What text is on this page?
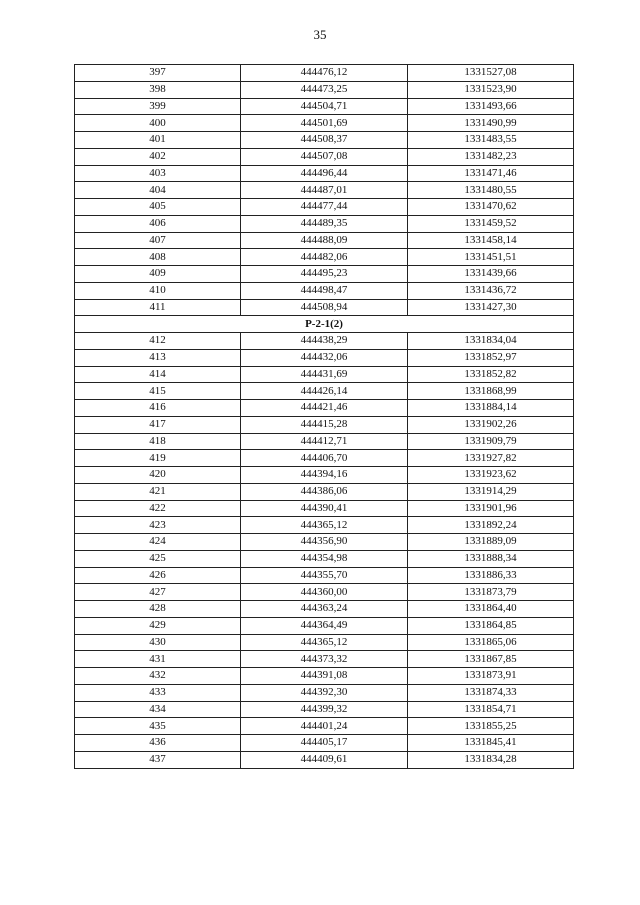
35
397	444476,12	1331527,08
398	444473,25	1331523,90
399	444504,71	1331493,66
400	444501,69	1331490,99
401	444508,37	1331483,55
402	444507,08	1331482,23
403	444496,44	1331471,46
404	444487,01	1331480,55
405	444477,44	1331470,62
406	444489,35	1331459,52
407	444488,09	1331458,14
408	444482,06	1331451,51
409	444495,23	1331439,66
410	444498,47	1331436,72
411	444508,94	1331427,30
Р-2-1(2)		
412	444438,29	1331834,04
413	444432,06	1331852,97
414	444431,69	1331852,82
415	444426,14	1331868,99
416	444421,46	1331884,14
417	444415,28	1331902,26
418	444412,71	1331909,79
419	444406,70	1331927,82
420	444394,16	1331923,62
421	444386,06	1331914,29
422	444390,41	1331901,96
423	444365,12	1331892,24
424	444356,90	1331889,09
425	444354,98	1331888,34
426	444355,70	1331886,33
427	444360,00	1331873,79
428	444363,24	1331864,40
429	444364,49	1331864,85
430	444365,12	1331865,06
431	444373,32	1331867,85
432	444391,08	1331873,91
433	444392,30	1331874,33
434	444399,32	1331854,71
435	444401,24	1331855,25
436	444405,17	1331845,41
437	444409,61	1331834,28
